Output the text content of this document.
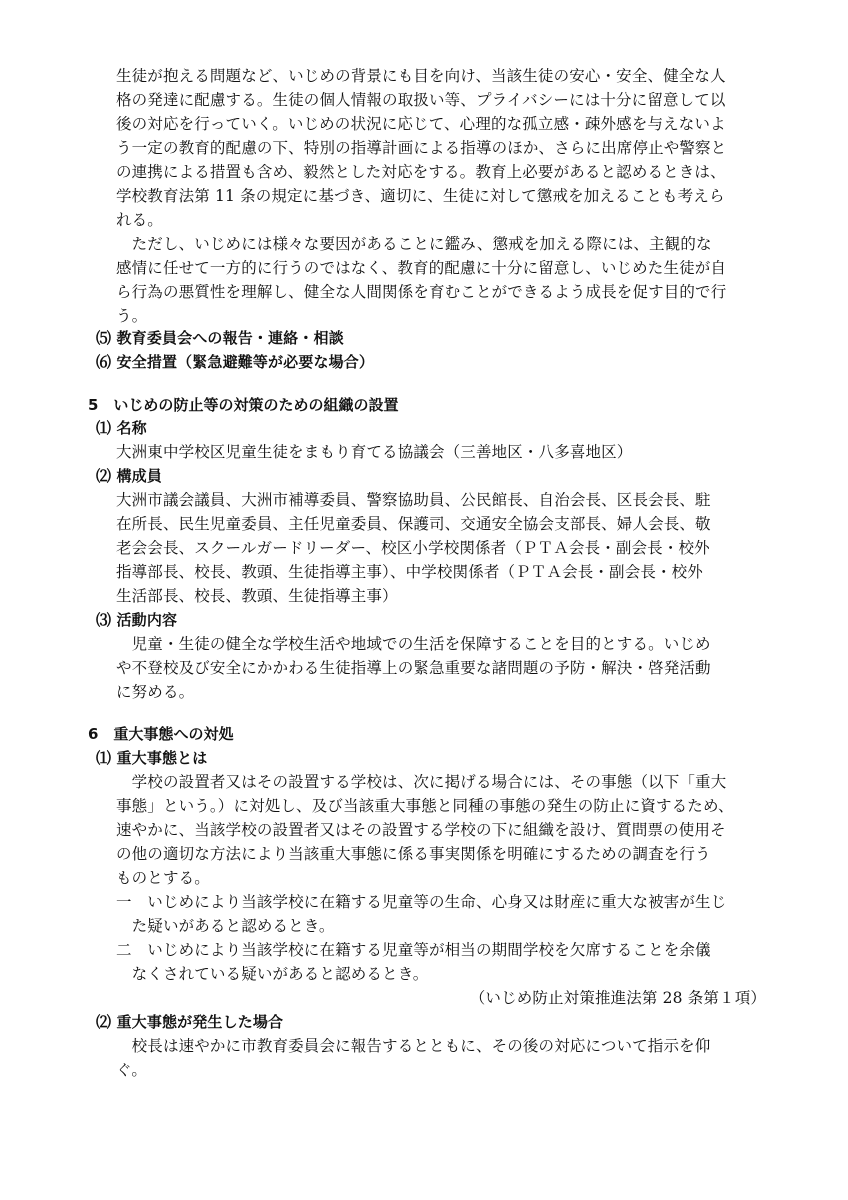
生徒が抱える問題など、いじめの背景にも目を向け、当該生徒の安心・安全、健全な人
格の発達に配慮する。生徒の個人情報の取扱い等、プライバシーには十分に留意して以
後の対応を行っていく。いじめの状況に応じて、心理的な孤立感・疎外感を与えないよ
う一定の教育的配慮の下、特別の指導計画による指導のほか、さらに出席停止や警察と
の連携による措置も含め、毅然とした対応をする。教育上必要があると認めるときは、
学校教育法第 11 条の規定に基づき、適切に、生徒に対して懲戒を加えることも考えら
れる。
　ただし、いじめには様々な要因があることに鑑み、懲戒を加える際には、主観的な
感情に任せて一方的に行うのではなく、教育的配慮に十分に留意し、いじめた生徒が自
ら行為の悪質性を理解し、健全な人間関係を育むことができるよう成長を促す目的で行
う。
⑸ 教育委員会への報告・連絡・相談
⑹ 安全措置（緊急避難等が必要な場合）
5　いじめの防止等の対策のための組織の設置
⑴ 名称
大洲東中学校区児童生徒をまもり育てる協議会（三善地区・八多喜地区）
⑵ 構成員
大洲市議会議員、大洲市補導委員、警察協助員、公民館長、自治会長、区長会長、駐
在所長、民生児童委員、主任児童委員、保護司、交通安全協会支部長、婦人会長、敬
老会会長、スクールガードリーダー、校区小学校関係者（ＰＴＡ会長・副会長・校外
指導部長、校長、教頭、生徒指導主事）、中学校関係者（ＰＴＡ会長・副会長・校外
生活部長、校長、教頭、生徒指導主事）
⑶ 活動内容
　児童・生徒の健全な学校生活や地域での生活を保障することを目的とする。いじめ
や不登校及び安全にかかわる生徒指導上の緊急重要な諸問題の予防・解決・啓発活動
に努める。
6　重大事態への対処
⑴ 重大事態とは
　学校の設置者又はその設置する学校は、次に掲げる場合には、その事態（以下「重大
事態」という。）に対処し、及び当該重大事態と同種の事態の発生の防止に資するため、
速やかに、当該学校の設置者又はその設置する学校の下に組織を設け、質問票の使用そ
の他の適切な方法により当該重大事態に係る事実関係を明確にするための調査を行う
ものとする。
一　いじめにより当該学校に在籍する児童等の生命、心身又は財産に重大な被害が生じ
　た疑いがあると認めるとき。
二　いじめにより当該学校に在籍する児童等が相当の期間学校を欠席することを余儀
　なくされている疑いがあると認めるとき。
（いじめ防止対策推進法第 28 条第１項）
⑵ 重大事態が発生した場合
　校長は速やかに市教育委員会に報告するとともに、その後の対応について指示を仰
ぐ。
